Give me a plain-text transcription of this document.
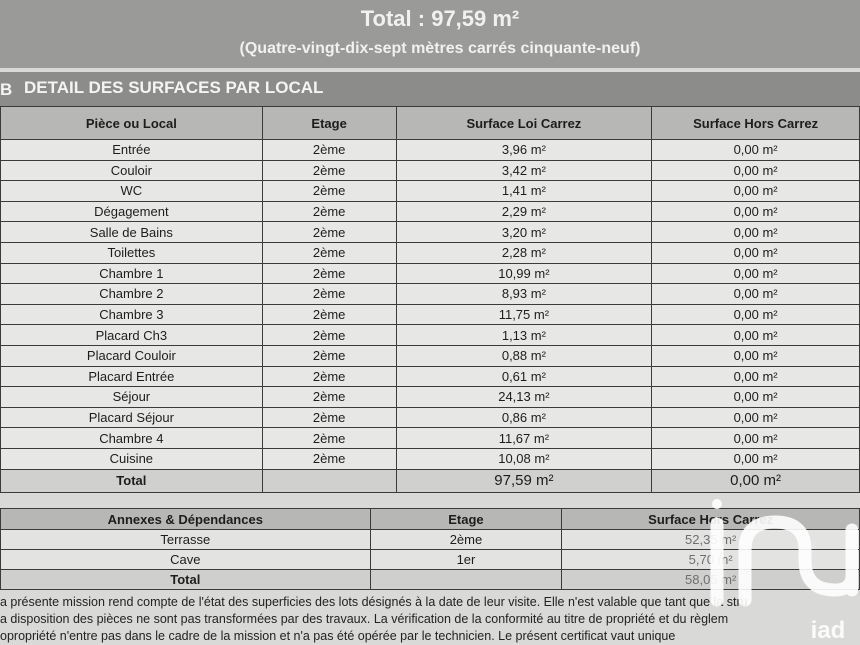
Total : 97,59 m²
(Quatre-vingt-dix-sept mètres carrés cinquante-neuf)
B DETAIL DES SURFACES PAR LOCAL
Pièce ou Local	Etage	Surface Loi Carrez	Surface Hors Carrez
Entrée	2ème	3,96 m²	0,00 m²
Couloir	2ème	3,42 m²	0,00 m²
WC	2ème	1,41 m²	0,00 m²
Dégagement	2ème	2,29 m²	0,00 m²
Salle de Bains	2ème	3,20 m²	0,00 m²
Toilettes	2ème	2,28 m²	0,00 m²
Chambre 1	2ème	10,99 m²	0,00 m²
Chambre 2	2ème	8,93 m²	0,00 m²
Chambre 3	2ème	11,75 m²	0,00 m²
Placard Ch3	2ème	1,13 m²	0,00 m²
Placard Couloir	2ème	0,88 m²	0,00 m²
Placard Entrée	2ème	0,61 m²	0,00 m²
Séjour	2ème	24,13 m²	0,00 m²
Placard Séjour	2ème	0,86 m²	0,00 m²
Chambre 4	2ème	11,67 m²	0,00 m²
Cuisine	2ème	10,08 m²	0,00 m²
Total		97,59 m²	0,00 m²
Annexes & Dépendances	Etage	Surface Hors Carrez
Terrasse	2ème	52,35 m²
Cave	1er	5,70 m²
Total		58,05 m²

a présente mission rend compte de l'état des superficies des lots désignés à la date de leur visite. Elle n'est valable que tant que la stru

a disposition des pièces ne sont pas transformées par des travaux. La vérification de la conformité au titre de propriété et du règlem

opropriété n'entre pas dans le cadre de la mission et n'a pas été opérée par le technicien. Le présent certificat vaut unique	iad
